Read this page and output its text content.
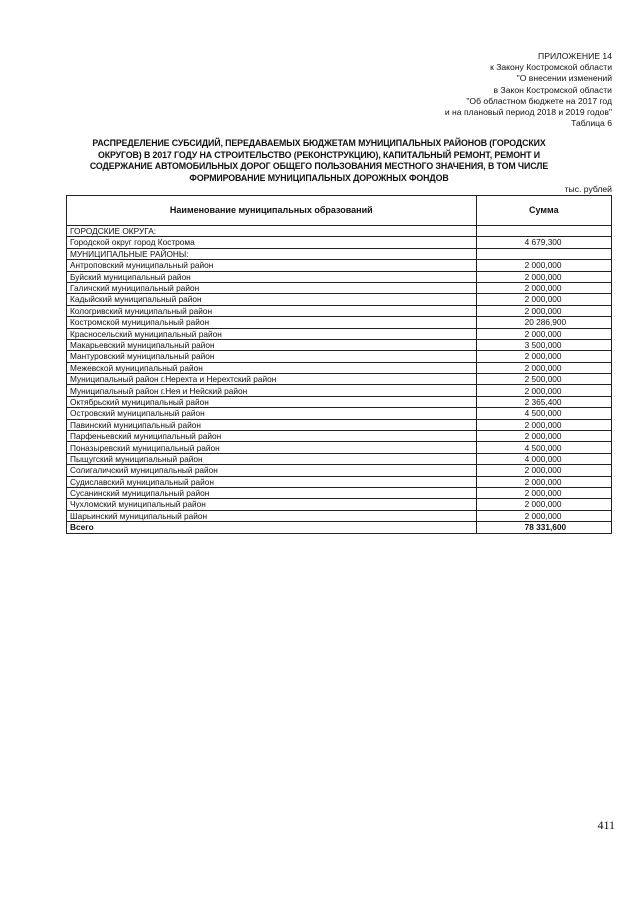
ПРИЛОЖЕНИЕ 14
к Закону Костромской области
"О внесении изменений
в Закон Костромской области
"Об областном бюджете на 2017 год
и на плановый период 2018 и 2019 годов"
Таблица 6
РАСПРЕДЕЛЕНИЕ СУБСИДИЙ, ПЕРЕДАВАЕМЫХ БЮДЖЕТАМ МУНИЦИПАЛЬНЫХ РАЙОНОВ (ГОРОДСКИХ ОКРУГОВ) В 2017 ГОДУ НА СТРОИТЕЛЬСТВО (РЕКОНСТРУКЦИЮ), КАПИТАЛЬНЫЙ РЕМОНТ, РЕМОНТ И СОДЕРЖАНИЕ АВТОМОБИЛЬНЫХ ДОРОГ ОБЩЕГО ПОЛЬЗОВАНИЯ МЕСТНОГО ЗНАЧЕНИЯ, В ТОМ ЧИСЛЕ ФОРМИРОВАНИЕ МУНИЦИПАЛЬНЫХ ДОРОЖНЫХ ФОНДОВ
тыс. рублей
Наименование муниципальных образований	Сумма
ГОРОДСКИЕ ОКРУГА:	
Городской округ город Кострома	4 679,300
МУНИЦИПАЛЬНЫЕ РАЙОНЫ:	
Антроповский муниципальный район	2 000,000
Буйский муниципальный район	2 000,000
Галичский муниципальный район	2 000,000
Кадыйский муниципальный район	2 000,000
Кологривский муниципальный район	2 000,000
Костромской муниципальный район	20 286,900
Красносельский муниципальный район	2 000,000
Макарьевский муниципальный район	3 500,000
Мантуровский муниципальный район	2 000,000
Межевской муниципальный район	2 000,000
Муниципальный район г.Нерехта и Нерехтский район	2 500,000
Муниципальный район г.Нея и Нейский район	2 000,000
Октябрьский муниципальный район	2 365,400
Островский муниципальный район	4 500,000
Павинский муниципальный район	2 000,000
Парфеньевский муниципальный район	2 000,000
Поназыревский муниципальный район	4 500,000
Пыщугский муниципальный район	4 000,000
Солигаличский муниципальный район	2 000,000
Судиславский муниципальный район	2 000,000
Сусанинский муниципальный район	2 000,000
Чухломский муниципальный район	2 000,000
Шарьинский муниципальный район	2 000,000
Всего	78 331,600
411
